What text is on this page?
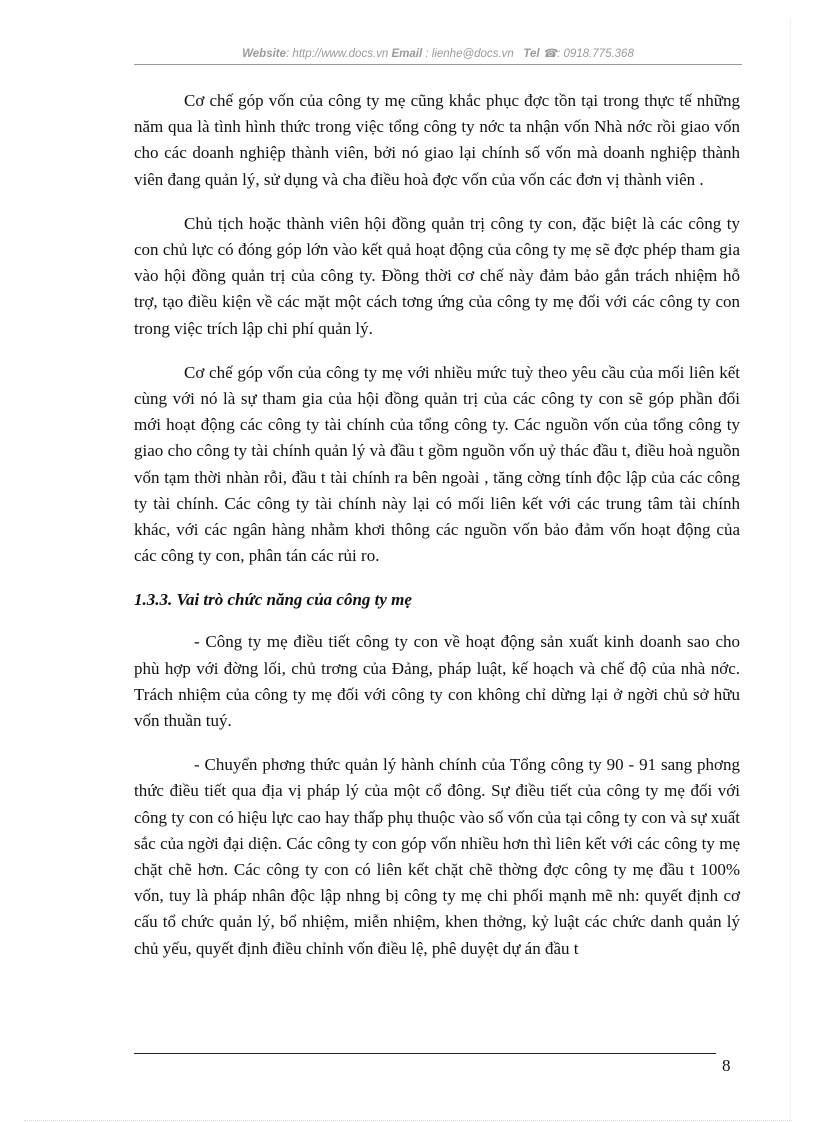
Website: http://www.docs.vn Email : lienhe@docs.vn Tel ☎: 0918.775.368

Cơ chế góp vốn của công ty mẹ cũng khắc phục đợc tồn tại trong thực tế những năm qua là tình hình thức trong việc tổng công ty nớc ta nhận vốn Nhà nớc rồi giao vốn cho các doanh nghiệp thành viên, bởi nó giao lại chính số vốn mà doanh nghiệp thành viên đang quản lý, sử dụng và cha điều hoà đợc vốn của vốn các đơn vị thành viên .

Chủ tịch hoặc thành viên hội đồng quản trị công ty con, đặc biệt là các công ty con chủ lực có đóng góp lớn vào kết quả hoạt động của công ty mẹ sẽ đợc phép tham gia vào hội đồng quản trị của công ty. Đồng thời cơ chế này đảm bảo gắn trách nhiệm hỗ trợ, tạo điều kiện về các mặt một cách tơng ứng của công ty mẹ đối với các công ty con trong việc trích lập chi phí quản lý.

Cơ chế góp vốn của công ty mẹ với nhiều mức tuỳ theo yêu cầu của mối liên kết cùng với nó là sự tham gia của hội đồng quản trị của các công ty con sẽ góp phần đổi mới hoạt động các công ty tài chính của tổng công ty. Các nguồn vốn của tổng công ty giao cho công ty tài chính quản lý và đầu t gồm nguồn vốn uỷ thác đầu t, điều hoà nguồn vốn tạm thời nhàn rỗi, đầu t tài chính ra bên ngoài , tăng cờng tính độc lập của các công ty tài chính. Các công ty tài chính này lại có mối liên kết với các trung tâm tài chính khác, với các ngân hàng nhằm khơi thông các nguồn vốn bảo đảm vốn hoạt động của các công ty con, phân tán các rủi ro.

1.3.3. Vai trò chức năng của công ty mẹ

- Công ty mẹ điều tiết công ty con về hoạt động sản xuất kinh doanh sao cho phù hợp với đờng lối, chủ trơng của Đảng, pháp luật, kế hoạch và chế độ của nhà nớc. Trách nhiệm của công ty mẹ đối với công ty con không chỉ dừng lại ở ngời chủ sở hữu vốn thuần tuý.

- Chuyển phơng thức quản lý hành chính của Tổng công ty 90 - 91 sang phơng thức điều tiết qua địa vị pháp lý của một cổ đông. Sự điều tiết của công ty mẹ đối với công ty con có hiệu lực cao hay thấp phụ thuộc vào số vốn của tại công ty con và sự xuất sắc của ngời đại diện. Các công ty con góp vốn nhiều hơn thì liên kết với các công ty mẹ chặt chẽ hơn. Các công ty con có liên kết chặt chẽ thờng đợc công ty mẹ đầu t 100% vốn, tuy là pháp nhân độc lập nhng bị công ty mẹ chi phối mạnh mẽ nh: quyết định cơ cấu tổ chức quản lý, bổ nhiệm, miễn nhiệm, khen thởng, kỷ luật các chức danh quản lý chủ yếu, quyết định điều chỉnh vốn điều lệ, phê duyệt dự án đầu t

8
